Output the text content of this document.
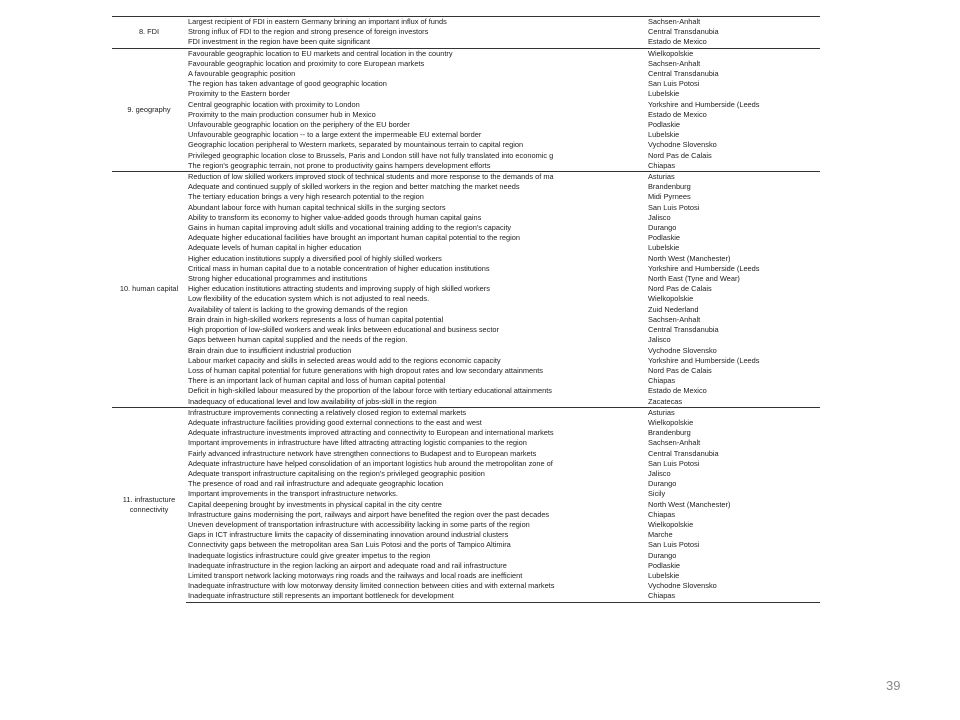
8. FDI	Largest recipient of FDI in eastern Germany brining an important influx of funds	Sachsen-Anhalt
	Strong influx of FDI to the region and strong presence of foreign investors	Central Transdanubia
	FDI investment in the region have been quite significant	Estado de Mexico
9. geography	Favourable geographic location to EU markets and central location in the country	Wielkopolskie
	Favourable geographic location and proximity to core European markets	Sachsen-Anhalt
	A favourable geographic position	Central Transdanubia
	The region has taken advantage of good geographic location	San Luis Potosi
	Proximity to the Eastern border	Lubelskie
	Central geographic location with proximity to London	Yorkshire and Humberside (Leeds
	Proximity to the main production consumer hub in Mexico	Estado de Mexico
	Unfavourable geographic location on the periphery of the EU border	Podlaskie
	Unfavourable geographic location -- to a large extent the impermeable EU external border	Lubelskie
	Geographic location peripheral to Western markets, separated by mountainous terrain to capital region	Vychodne Slovensko
	Privileged geographic location close to Brussels, Paris and London still have not fully translated into economic g	Nord Pas de Calais
	The region's geographic terrain, not prone to productivity gains hampers development efforts	Chiapas
10. human capital	Reduction of low skilled workers improved stock of technical students and more response to the demands of ma	Asturias
	Adequate and continued supply of skilled workers in the region and better matching the market needs	Brandenburg
	The tertiary education brings a very high research potential to the region	Midi Pyrnees
	Abundant labour force with human capital technical skills in the surging sectors	San Luis Potosi
	Ability to transform its economy to higher value-added goods through human capital gains	Jalisco
	Gains in human capital improving adult skills and vocational training adding to the region's capacity	Durango
	Adequate higher educational facilities have brought an important human capital potential to the region	Podlaskie
	Adequate levels of human capital in higher education	Lubelskie
	Higher education institutions supply a diversified pool of highly skilled workers	North West (Manchester)
	Critical mass in human capital due to a notable concentration of higher education institutions	Yorkshire and Humberside (Leeds
	Strong higher educational programmes and institutions	North East (Tyne and Wear)
	Higher education institutions attracting students and improving supply of high skilled workers	Nord Pas de Calais
	Low flexibility of the education system which is not adjusted to real needs.	Wielkopolskie
	Availability of talent is lacking to the growing demands of the region	Zuid Nederland
	Brain drain in high-skilled workers represents a loss of human capital potential	Sachsen-Anhalt
	High proportion of low-skilled workers and weak links between educational and business sector	Central Transdanubia
	Gaps between human capital supplied and the needs of the region.	Jalisco
	Brain drain due to insufficient industrial production	Vychodne Slovensko
	Labour market capacity and skills in selected areas would add to the regions economic capacity	Yorkshire and Humberside (Leeds
	Loss of human capital potential for future generations with high dropout rates and low secondary attainments	Nord Pas de Calais
	There is an important lack of human capital and loss of human capital potential	Chiapas
	Deficit in high-skilled labour measured by the proportion of the labour force with tertiary educational attainments	Estado de Mexico
	Inadequacy of educational level and low availability of jobs-skill in the region	Zacatecas
11. infrastucture connectivity	Infrastructure improvements connecting a relatively closed region to external markets	Asturias
	Adequate infrastructure facilities providing good external connections to the east and west	Wielkopolskie
	Adequate infrastructure investments improved attracting and connectivity to European and international markets	Brandenburg
	Important improvements in infrastructure have lifted attracting attracting logistic companies to the region	Sachsen-Anhalt
	Fairly advanced infrastructure network have strengthen connections to Budapest and to European markets	Central Transdanubia
	Adequate infrastructure have helped consolidation of an important logistics hub around the metropolitan zone of	San Luis Potosi
	Adequate transport infrastructure capitalising on the region's privileged geographic position	Jalisco
	The presence of road and rail infrastructure and adequate geographic location	Durango
	Important improvements in the transport infrastructure networks.	Sicily
	Capital deepening brought by investments in physical capital in the city centre	North West (Manchester)
	Infrastructure gains modernising the port, railways and airport have benefited the region over the past decades	Chiapas
	Uneven development of transportation infrastructure with accessibility lacking in some parts of the region	Wielkopolskie
	Gaps in ICT infrastructure limits the capacity of disseminating innovation around industrial clusters	Marche
	Connectivity gaps between the metropolitan area San Luis Potosi and the ports of Tampico Altimira	San Luis Potosi
	Inadequate logistics infrastructure could give greater impetus to the region	Durango
	Inadequate infrastructure in the region lacking an airport and adequate road and rail infrastructure	Podlaskie
	Limited transport network lacking motorways ring roads and the railways and local roads are inefficient	Lubelskie
	Inadequate infrastructure with low motorway density limited connection between cities and with external markets	Vychodne Slovensko
	Inadequate infrastructure still represents an important bottleneck for development	Chiapas
39
